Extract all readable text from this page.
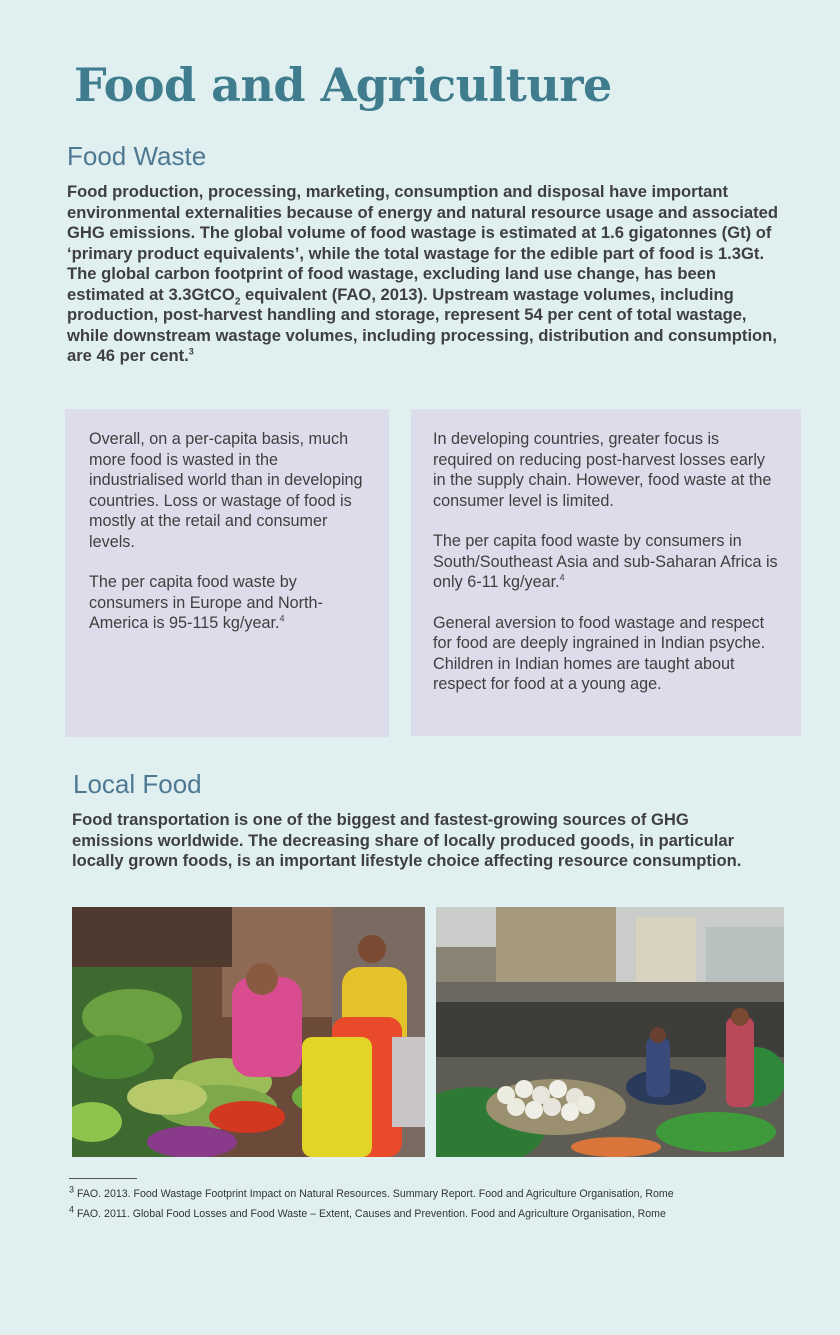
Food and Agriculture
Food Waste

Food production, processing, marketing, consumption and disposal have important environmental externalities because of energy and natural resource usage and associated GHG emissions. The global volume of food wastage is estimated at 1.6 gigatonnes (Gt) of ‘primary product equivalents’, while the total wastage for the edible part of food is 1.3Gt. The global carbon footprint of food wastage, excluding land use change, has been estimated at 3.3GtCO$_2$ equivalent (FAO, 2013). Upstream wastage volumes, including production, post-harvest handling and storage, represent 54 per cent of total wastage, while downstream wastage volumes, including processing, distribution and consumption, are 46 per cent.$^3$

Overall, on a per-capita basis, much more food is wasted in the industrialised world than in developing countries. Loss or wastage of food is mostly at the retail and consumer levels.

The per capita food waste by consumers in Europe and North-America is 95-115 kg/year.$^4$

In developing countries, greater focus is required on reducing post-harvest losses early in the supply chain. However, food waste at the consumer level is limited.

The per capita food waste by consumers in South/Southeast Asia and sub-Saharan Africa is only 6-11 kg/year.$^4$

General aversion to food wastage and respect for food are deeply ingrained in Indian psyche. Children in Indian homes are taught about respect for food at a young age.

Local Food

Food transportation is one of the biggest and fastest-growing sources of GHG emissions worldwide. The decreasing share of locally produced goods, in particular locally grown foods, is an important lifestyle choice affecting resource consumption.

$^3$ FAO. 2013. Food Wastage Footprint Impact on Natural Resources. Summary Report. Food and Agriculture Organisation, Rome

$^4$ FAO. 2011. Global Food Losses and Food Waste – Extent, Causes and Prevention. Food and Agriculture Organisation, Rome
